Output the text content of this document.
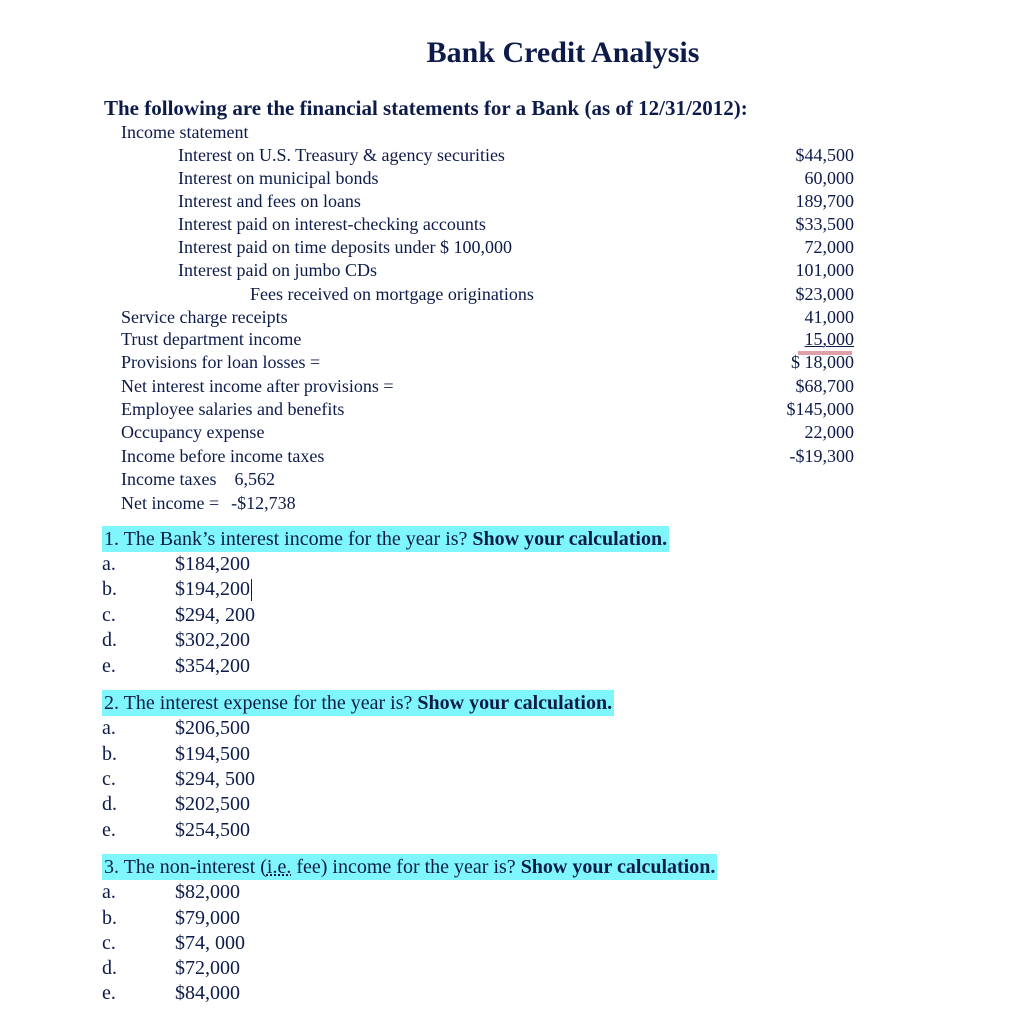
Bank Credit Analysis
The following are the financial statements for a Bank (as of 12/31/2012):
Income statement
Interest on U.S. Treasury & agency securities	$44,500
Interest on municipal bonds	60,000
Interest and fees on loans	189,700
Interest paid on interest-checking accounts	$33,500
Interest paid on time deposits under $ 100,000	72,000
Interest paid on jumbo CDs	101,000
Fees received on mortgage originations	$23,000
Service charge receipts	41,000
Trust department income	15,000
Provisions for loan losses =	$ 18,000
Net interest income after provisions =	$68,700
Employee salaries and benefits	$145,000
Occupancy expense	22,000
Income before income taxes	-$19,300
Income taxes 6,562
Net income = -$12,738
1. The Bank’s interest income for the year is? Show your calculation.
a.	$184,200
b.	$194,200
c.	$294, 200
d.	$302,200
e.	$354,200
2. The interest expense for the year is? Show your calculation.
a.	$206,500
b.	$194,500
c.	$294, 500
d.	$202,500
e.	$254,500
3. The non-interest (i.e. fee) income for the year is? Show your calculation.
a.	$82,000
b.	$79,000
c.	$74, 000
d.	$72,000
e.	$84,000
